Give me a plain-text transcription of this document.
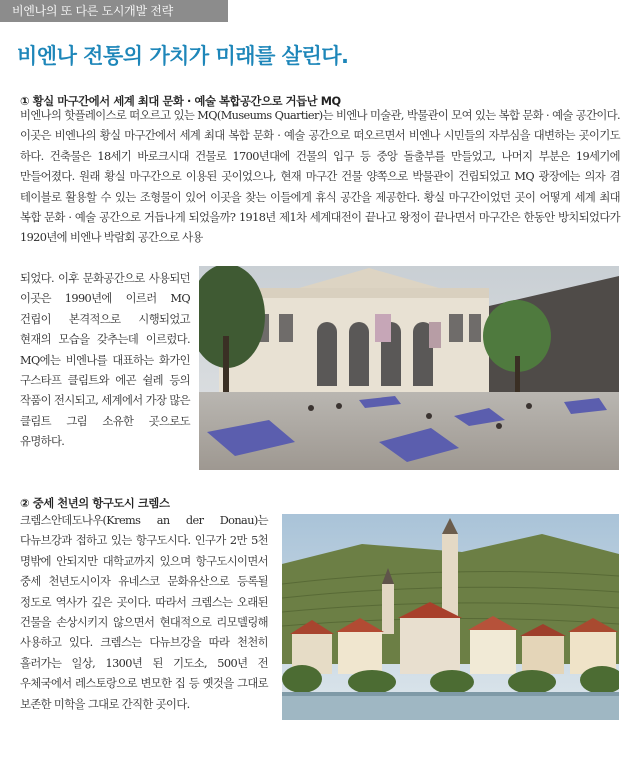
비엔나의 또 다른 도시개발 전략
비엔나 전통의 가치가 미래를 살린다.
① 황실 마구간에서 세계 최대 문화 · 예술 복합공간으로 거듭난 MQ

비엔나의 핫플레이스로 떠오르고 있는 MQ(Museums Quartier)는 비엔나 미술관, 박물관이 모여 있는 복합 문화 · 예술 공간이다. 이곳은 비엔나의 황실 마구간에서 세계 최대 복합 문화 · 예술 공간으로 떠오르면서 비엔나 시민들의 자부심을 대변하는 곳이기도 하다. 건축물은 18세기 바로크시대 건물로 1700년대에 건물의 입구 등 중앙 돌출부를 만들었고, 나머지 부분은 19세기에 만들어졌다. 원래 황실 마구간으로 이용된 곳이었으나, 현재 마구간 건물 양쪽으로 박물관이 건립되었고 MQ 광장에는 의자 겸 테이블로 활용할 수 있는 조형물이 있어 이곳을 찾는 이들에게 휴식 공간을 제공한다. 황실 마구간이었던 곳이 어떻게 세계 최대 복합 문화 · 예술 공간으로 거듭나게 되었을까? 1918년 제1차 세계대전이 끝나고 왕정이 끝나면서 마구간은 한동안 방치되었다가 1920년에 비엔나 박람회 공간으로 사용

되었다. 이후 문화공간으로 사용되던 이곳은 1990년에 이르러 MQ 건립이 본격적으로 시행되었고 현재의 모습을 갖추는데 이르렀다. MQ에는 비엔나를 대표하는 화가인 구스타프 클림트와 에곤 쉴레 등의 작품이 전시되고, 세계에서 가장 많은 클림트 그림 소유한 곳으로도 유명하다.

② 중세 천년의 항구도시 크렘스

크렘스안데도나우(Krems an der Donau)는 다뉴브강과 접하고 있는 항구도시다. 인구가 2만 5천 명밖에 안되지만 대학교까지 있으며 항구도시이면서 중세 천년도시이자 유네스코 문화유산으로 등록될 정도로 역사가 깊은 곳이다. 따라서 크렘스는 오래된 건물을 손상시키지 않으면서 현대적으로 리모델링해 사용하고 있다. 크렘스는 다뉴브강을 따라 천천히 흘러가는 일상, 1300년 된 기도소, 500년 전 우체국에서 레스토랑으로 변모한 집 등 옛것을 그대로 보존한 미학을 그대로 간직한 곳이다.
